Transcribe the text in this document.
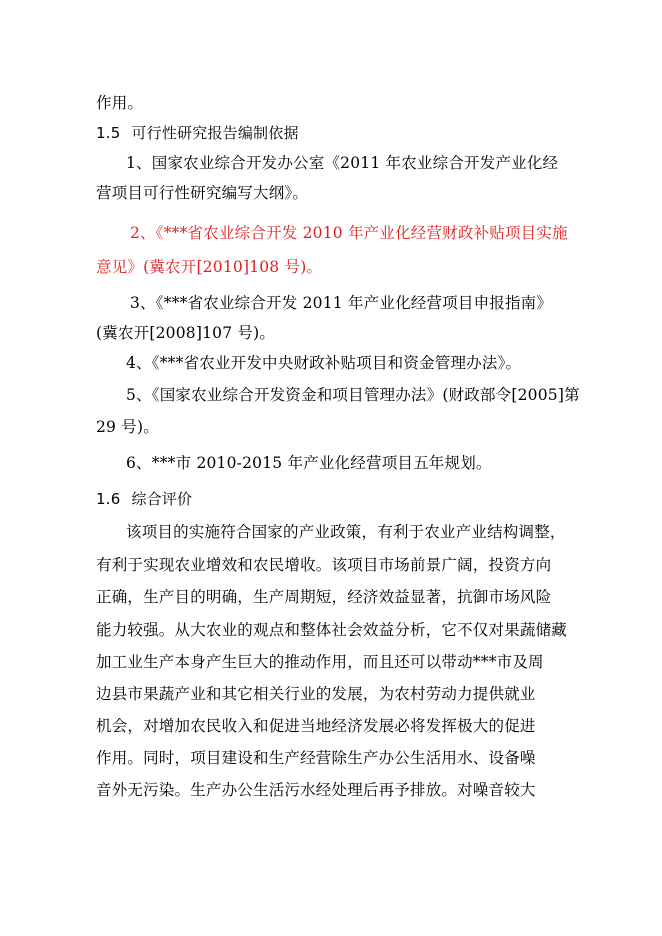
作用。
1.5 可行性研究报告编制依据
1、国家农业综合开发办公室《2011 年农业综合开发产业化经
营项目可行性研究编写大纲》。
2、《***省农业综合开发 2010 年产业化经营财政补贴项目实施
意见》(冀农开[2010]108 号)。
3、《***省农业综合开发 2011 年产业化经营项目申报指南》
(冀农开[2008]107 号)。
4、《***省农业开发中央财政补贴项目和资金管理办法》。
5、《国家农业综合开发资金和项目管理办法》(财政部令[2005]第
29 号)。
6、***市 2010-2015 年产业化经营项目五年规划。
1.6 综合评价
该项目的实施符合国家的产业政策，有利于农业产业结构调整，
有利于实现农业增效和农民增收。该项目市场前景广阔，投资方向
正确，生产目的明确，生产周期短，经济效益显著，抗御市场风险
能力较强。从大农业的观点和整体社会效益分析，它不仅对果蔬储藏
加工业生产本身产生巨大的推动作用，而且还可以带动***市及周
边县市果蔬产业和其它相关行业的发展，为农村劳动力提供就业
机会，对增加农民收入和促进当地经济发展必将发挥极大的促进
作用。同时，项目建设和生产经营除生产办公生活用水、设备噪
音外无污染。生产办公生活污水经处理后再予排放。对噪音较大
